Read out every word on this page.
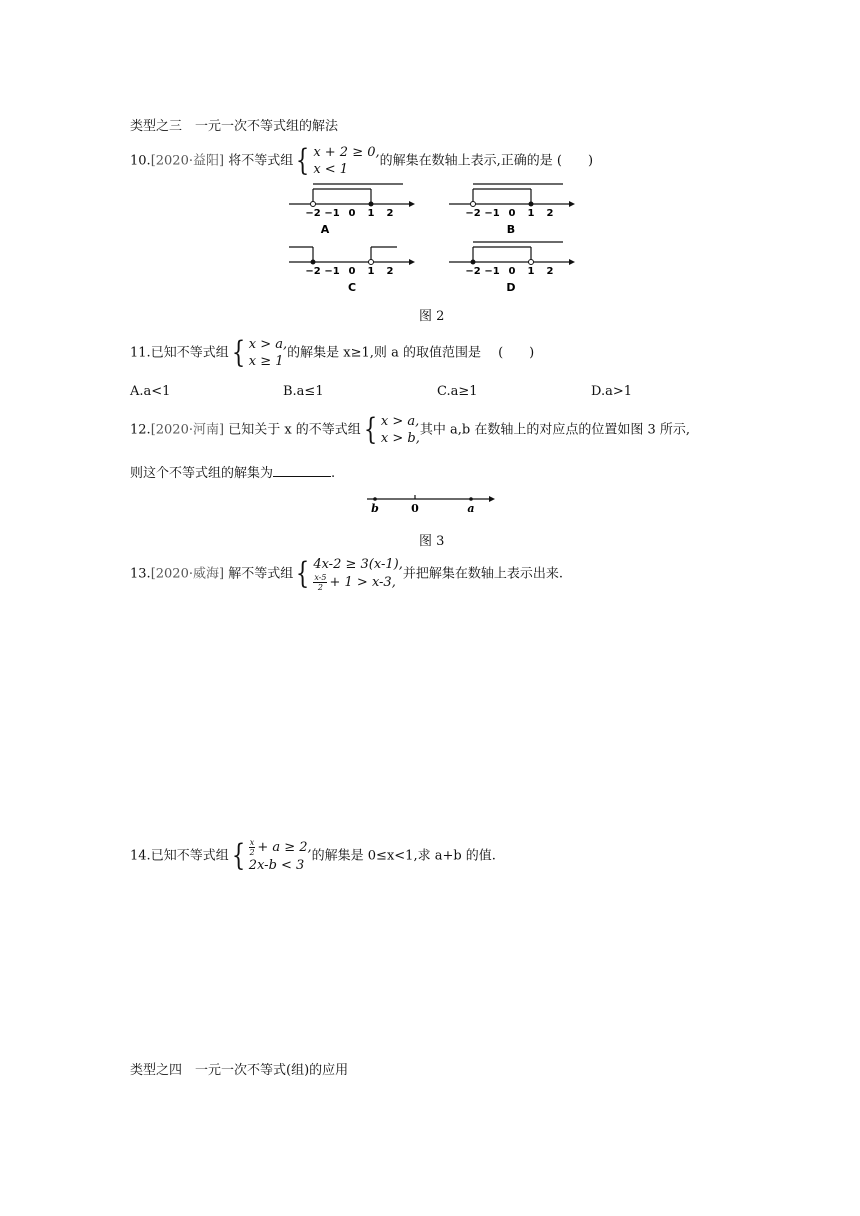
类型之三　一元一次不等式组的解法
10.[2020·益阳] 将不等式组 { x + 2 ≥ 0,
x < 1
的解集在数轴上表示,正确的是 (　　)
−2 −1 0 1 2
A
−2 −1 0 1 2
B
−2 −1 0 1 2
C
−2 −1 0 1 2
D
图 2
11.已知不等式组 { x > a,
x ≥ 1
的解集是 x≥1,则 a 的取值范围是　 (　　)
A.a<1	B.a≤1	C.a≥1	D.a>1
12.[2020·河南] 已知关于 x 的不等式组 { x > a,
x > b,
其中 a,b 在数轴上的对应点的位置如图 3 所示,
则这个不等式组的解集为	.
b	0	a
图 3
13.[2020·威海] 解不等式组 { 4x-2 ≥ 3(x-1),
$\frac{x-5}{2} + 1 > x-3$,
并把解集在数轴上表示出来.
14.已知不等式组 { $\frac{x}{2} + a \ge 2$,
2x-b < 3
的解集是 0≤x<1,求 a+b 的值.
类型之四　一元一次不等式(组)的应用
